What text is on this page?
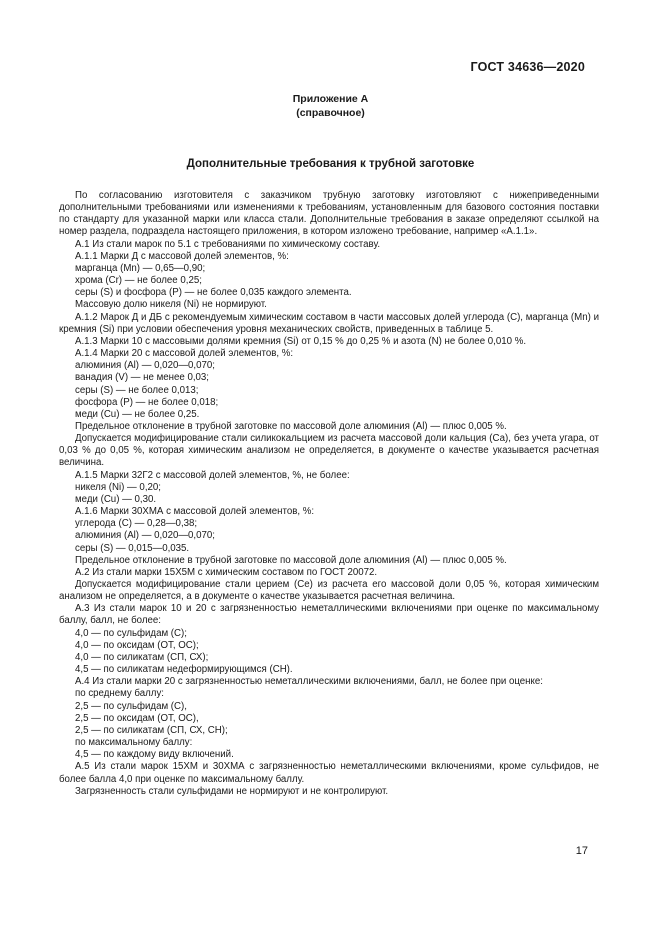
ГОСТ 34636—2020
Приложение А
(справочное)
Дополнительные требования к трубной заготовке

По согласованию изготовителя с заказчиком трубную заготовку изготовляют с нижеприведенными дополнительными требованиями или изменениями к требованиям, установленным для базового состояния поставки по стандарту для указанной марки или класса стали. Дополнительные требования в заказе определяют ссылкой на номер раздела, подраздела настоящего приложения, в котором изложено требование, например «А.1.1».

А.1 Из стали марок по 5.1 с требованиями по химическому составу.

А.1.1 Марки Д с массовой долей элементов, %:

марганца (Mn) — 0,65—0,90;

хрома (Cr) — не более 0,25;

серы (S) и фосфора (Р) — не более 0,035 каждого элемента.

Массовую долю никеля (Ni) не нормируют.

А.1.2 Марок Д и ДБ с рекомендуемым химическим составом в части массовых долей углерода (С), марганца (Mn) и кремния (Si) при условии обеспечения уровня механических свойств, приведенных в таблице 5.

А.1.3 Марки 10 с массовыми долями кремния (Si) от 0,15 % до 0,25 % и азота (N) не более 0,010 %.

А.1.4 Марки 20 с массовой долей элементов, %:

алюминия (Al) — 0,020—0,070;

ванадия (V) — не менее 0,03;

серы (S) — не более 0,013;

фосфора (Р) — не более 0,018;

меди (Cu) — не более 0,25.

Предельное отклонение в трубной заготовке по массовой доле алюминия (Al) — плюс 0,005 %.

Допускается модифицирование стали силикокальцием из расчета массовой доли кальция (Са), без учета угара, от 0,03 % до 0,05 %, которая химическим анализом не определяется, в документе о качестве указывается расчетная величина.

А.1.5 Марки 32Г2 с массовой долей элементов, %, не более:

никеля (Ni) — 0,20;

меди (Cu) — 0,30.

А.1.6 Марки 30ХМА с массовой долей элементов, %:

углерода (С) — 0,28—0,38;

алюминия (Al) — 0,020—0,070;

серы (S) — 0,015—0,035.

Предельное отклонение в трубной заготовке по массовой доле алюминия (Al) — плюс 0,005 %.

А.2 Из стали марки 15Х5М с химическим составом по ГОСТ 20072.

Допускается модифицирование стали церием (Се) из расчета его массовой доли 0,05 %, которая химическим анализом не определяется, а в документе о качестве указывается расчетная величина.

А.3 Из стали марок 10 и 20 с загрязненностью неметаллическими включениями при оценке по максимальному баллу, балл, не более:

4,0 — по сульфидам (С);

4,0 — по оксидам (ОТ, ОС);

4,0 — по силикатам (СП, СХ);

4,5 — по силикатам недеформирующимся (СН).

А.4 Из стали марки 20 с загрязненностью неметаллическими включениями, балл, не более при оценке:

по среднему баллу:

2,5 — по сульфидам (С),

2,5 — по оксидам (ОТ, ОС),

2,5 — по силикатам (СП, СХ, СН);

по максимальному баллу:

4,5 — по каждому виду включений.

А.5 Из стали марок 15ХМ и 30ХМА с загрязненностью неметаллическими включениями, кроме сульфидов, не более балла 4,0 при оценке по максимальному баллу.

Загрязненность стали сульфидами не нормируют и не контролируют.

17
